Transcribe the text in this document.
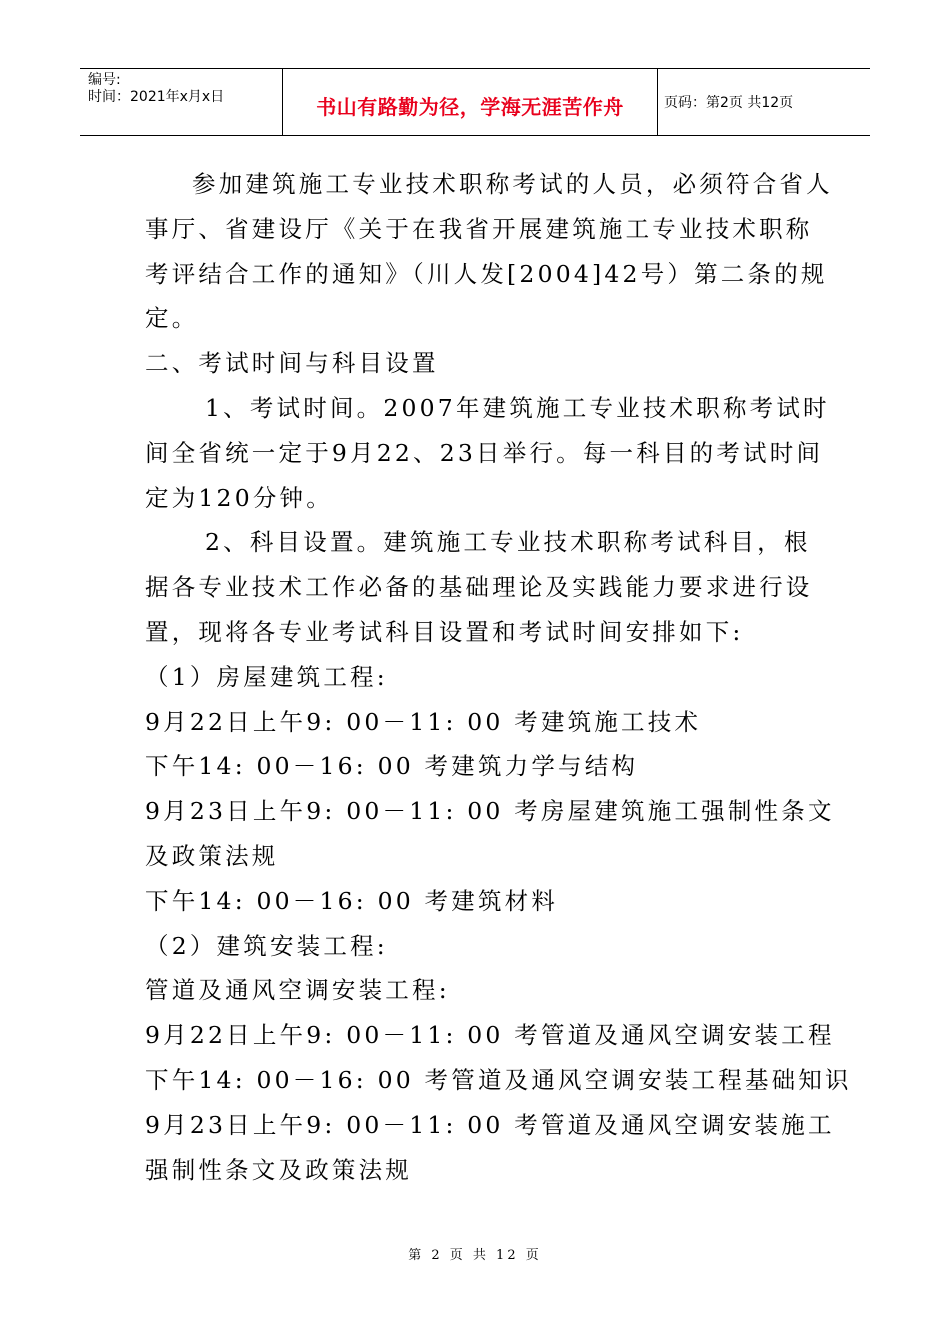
编号:
时间：2021年x月x日	书山有路勤为径，学海无涯苦作舟	页码：第2页 共12页

参加建筑施工专业技术职称考试的人员，必须符合省人

事厅、省建设厅《关于在我省开展建筑施工专业技术职称

考评结合工作的通知》（川人发[2004]42号）第二条的规

定。

二、考试时间与科目设置

1、考试时间。2007年建筑施工专业技术职称考试时

间全省统一定于9月22、23日举行。每一科目的考试时间

定为120分钟。

2、科目设置。建筑施工专业技术职称考试科目，根

据各专业技术工作必备的基础理论及实践能力要求进行设

置，现将各专业考试科目设置和考试时间安排如下:

（1）房屋建筑工程:

9月22日上午9: 00－11: 00 考建筑施工技术

下午14: 00－16: 00 考建筑力学与结构

9月23日上午9: 00－11: 00 考房屋建筑施工强制性条文

及政策法规

下午14: 00－16: 00 考建筑材料

（2）建筑安装工程:

管道及通风空调安装工程:

9月22日上午9: 00－11: 00 考管道及通风空调安装工程

下午14: 00－16: 00 考管道及通风空调安装工程基础知识

9月23日上午9: 00－11: 00 考管道及通风空调安装施工

强制性条文及政策法规

第 2 页 共 12 页
